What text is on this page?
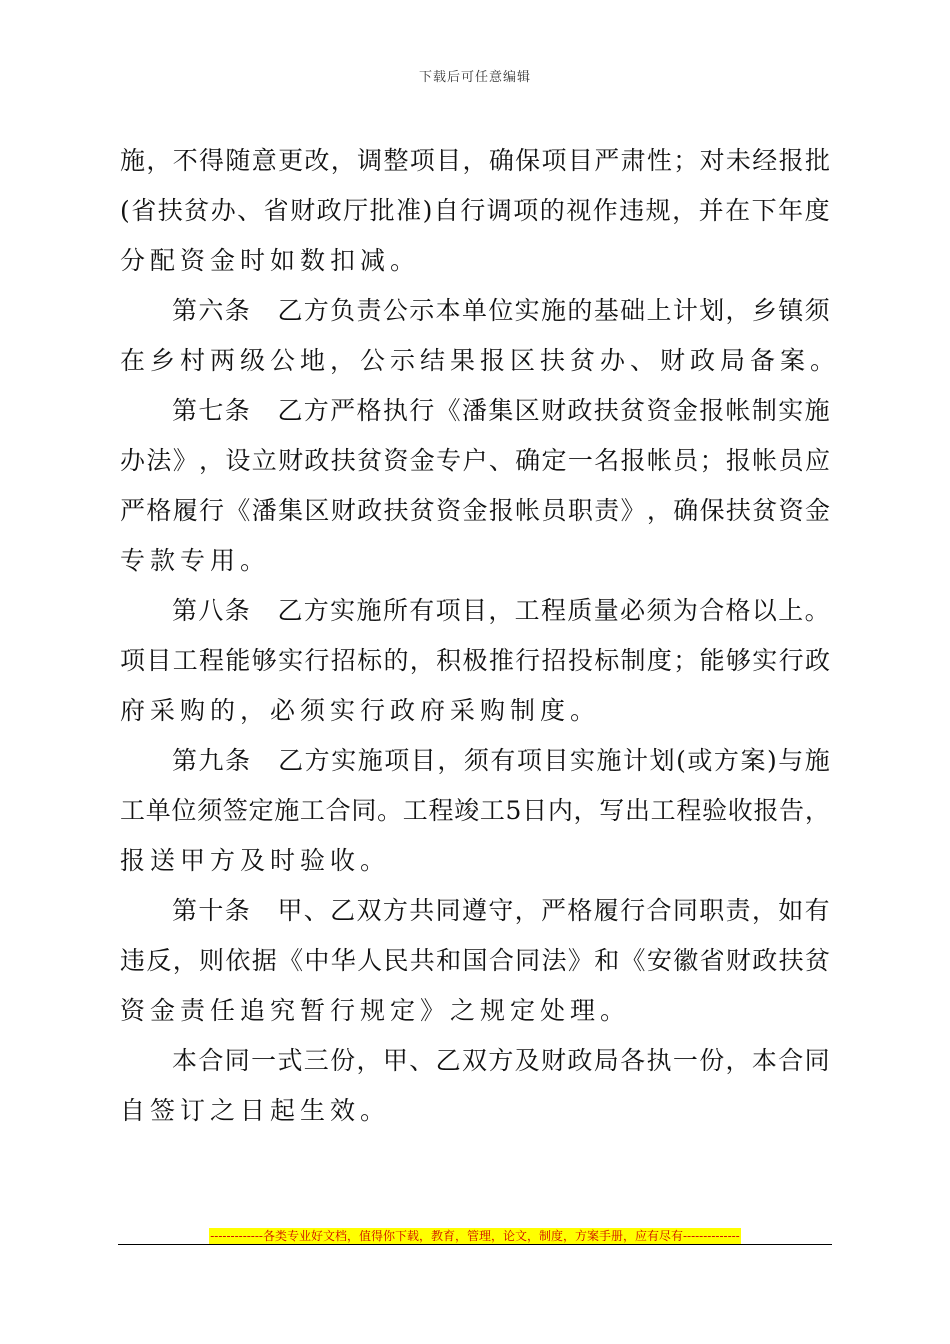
下载后可任意编辑
施 ， 不 得 随 意 更 改 ， 调 整 项 目 ， 确 保 项 目 严 肃 性 ； 对 未 经 报 批
( 省 扶 贫 办 、 省 财 政 厅 批 准 ) 自 行 调 项 的 视 作 违 规 ， 并 在 下 年 度
分配资金时如数扣减。
第 六 条
　 乙 方 负 责 公 示 本 单 位 实 施 的 基 础 上 计 划 ， 乡 镇 须
在乡村两级公地，公示结果报区扶贫办、财政局备案。
第 七 条
　 乙 方 严 格 执 行 《 潘 集 区 财 政 扶 贫 资 金 报 帐 制 实 施
办 法 》 ， 设 立 财 政 扶 贫 资 金 专 户 、 确 定 一 名 报 帐 员 ； 报 帐 员 应
严 格 履 行 《 潘 集 区 财 政 扶 贫 资 金 报 帐 员 职 责 》 ， 确 保 扶 贫 资 金
专款专用。
第 八 条
　 乙 方 实 施 所 有 项 目 ， 工 程 质 量 必 须 为 合 格 以 上 。
项 目 工 程 能 够 实 行 招 标 的 ， 积 极 推 行 招 投 标 制 度 ； 能 够 实 行 政
府采购的，必须实行政府采购制度。
第 九 条
　 乙 方 实 施 项 目 ， 须 有 项 目 实 施 计 划 ( 或 方 案 ) 与 施
工 单 位 须 签 定 施 工 合 同 。 工 程 竣 工 5 日 内 ， 写 出 工 程 验 收 报 告 ，
报送甲方及时验收。
第 十 条
　 甲 、 乙 双 方 共 同 遵 守 ， 严 格 履 行 合 同 职 责 ， 如 有
违 反 ， 则 依 据 《 中 华 人 民 共 和 国 合 同 法 》 和 《 安 徽 省 财 政 扶 贫
资金责任追究暂行规定》之规定处理。
本 合 同 一 式 三 份 ， 甲 、 乙 双 方 及 财 政 局 各 执 一 份 ， 本 合 同
自签订之日起生效。
-------------各类专业好文档，值得你下载，教育，管理，论文，制度，方案手册，应有尽有--------------
